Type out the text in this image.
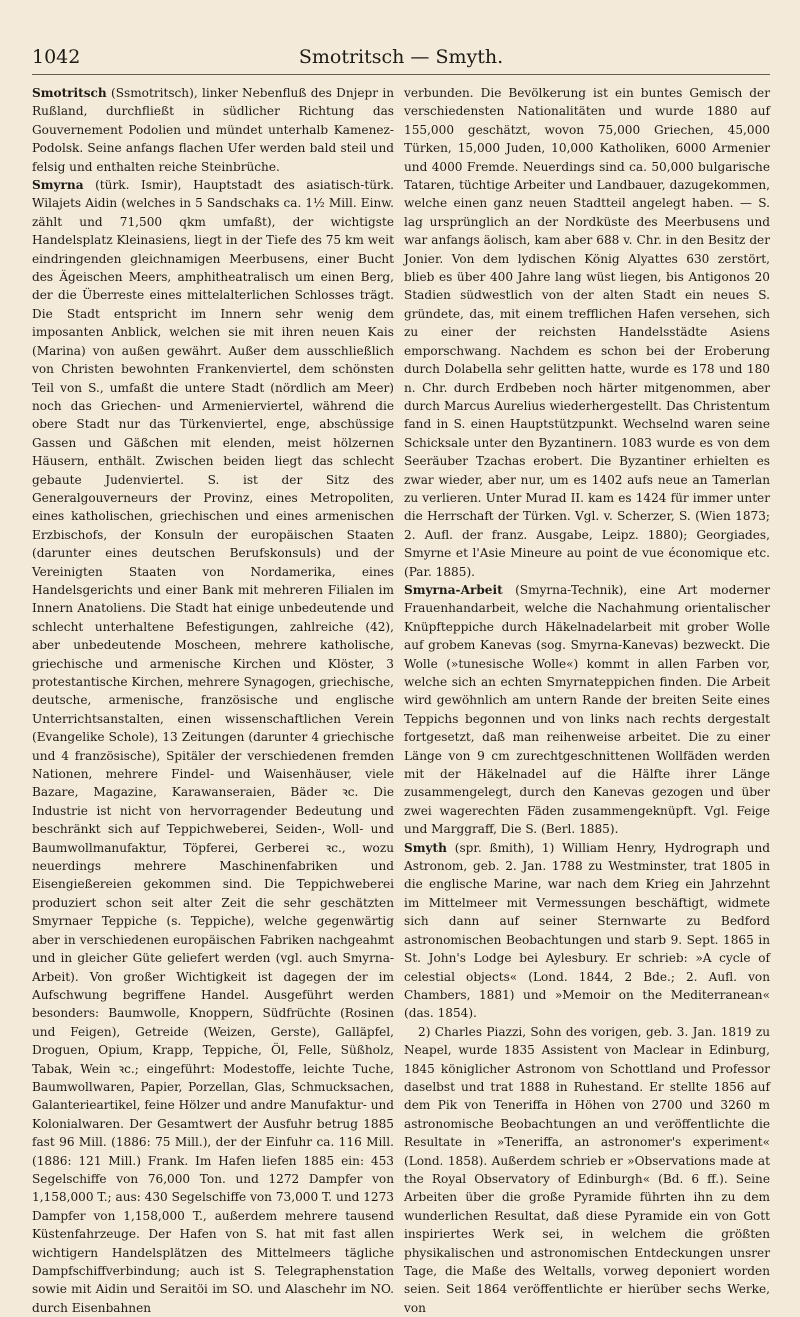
1042	Smotritsch — Smyth.

Smotritsch (Ssmotritsch), linker Nebenfluß des Dnjepr in Rußland, durchfließt in südlicher Richtung das Gouvernement Podolien und mündet unterhalb Kamenez-Podolsk. Seine anfangs flachen Ufer werden bald steil und felsig und enthalten reiche Steinbrüche.

Smyrna (türk. Ismir), Hauptstadt des asiatisch-türk. Wilajets Aidin (welches in 5 Sandschaks ca. 1½ Mill. Einw. zählt und 71,500 qkm umfaßt), der wichtigste Handelsplatz Kleinasiens, liegt in der Tiefe des 75 km weit eindringenden gleichnamigen Meerbusens, einer Bucht des Ägeischen Meers, amphitheatralisch um einen Berg, der die Überreste eines mittelalterlichen Schlosses trägt. Die Stadt entspricht im Innern sehr wenig dem imposanten Anblick, welchen sie mit ihren neuen Kais (Marina) von außen gewährt. Außer dem ausschließlich von Christen bewohnten Frankenviertel, dem schönsten Teil von S., umfaßt die untere Stadt (nördlich am Meer) noch das Griechen- und Armenierviertel, während die obere Stadt nur das Türkenviertel, enge, abschüssige Gassen und Gäßchen mit elenden, meist hölzernen Häusern, enthält. Zwischen beiden liegt das schlecht gebaute Judenviertel. S. ist der Sitz des Generalgouverneurs der Provinz, eines Metropoliten, eines katholischen, griechischen und eines armenischen Erzbischofs, der Konsuln der europäischen Staaten (darunter eines deutschen Berufskonsuls) und der Vereinigten Staaten von Nordamerika, eines Handelsgerichts und einer Bank mit mehreren Filialen im Innern Anatoliens. Die Stadt hat einige unbedeutende und schlecht unterhaltene Befestigungen, zahlreiche (42), aber unbedeutende Moscheen, mehrere katholische, griechische und armenische Kirchen und Klöster, 3 protestantische Kirchen, mehrere Synagogen, griechische, deutsche, armenische, französische und englische Unterrichtsanstalten, einen wissenschaftlichen Verein (Evangelike Schole), 13 Zeitungen (darunter 4 griechische und 4 französische), Spitäler der verschiedenen fremden Nationen, mehrere Findel- und Waisenhäuser, viele Bazare, Magazine, Karawanseraien, Bäder ꝛc. Die Industrie ist nicht von hervorragender Bedeutung und beschränkt sich auf Teppichweberei, Seiden-, Woll- und Baumwollmanufaktur, Töpferei, Gerberei ꝛc., wozu neuerdings mehrere Maschinenfabriken und Eisengießereien gekommen sind. Die Teppichweberei produziert schon seit alter Zeit die sehr geschätzten Smyrnaer Teppiche (s. Teppiche), welche gegenwärtig aber in verschiedenen europäischen Fabriken nachgeahmt und in gleicher Güte geliefert werden (vgl. auch Smyrna-Arbeit). Von großer Wichtigkeit ist dagegen der im Aufschwung begriffene Handel. Ausgeführt werden besonders: Baumwolle, Knoppern, Südfrüchte (Rosinen und Feigen), Getreide (Weizen, Gerste), Galläpfel, Droguen, Opium, Krapp, Teppiche, Öl, Felle, Süßholz, Tabak, Wein ꝛc.; eingeführt: Modestoffe, leichte Tuche, Baumwollwaren, Papier, Porzellan, Glas, Schmucksachen, Galanterieartikel, feine Hölzer und andre Manufaktur- und Kolonialwaren. Der Gesamtwert der Ausfuhr betrug 1885 fast 96 Mill. (1886: 75 Mill.), der der Einfuhr ca. 116 Mill. (1886: 121 Mill.) Frank. Im Hafen liefen 1885 ein: 453 Segelschiffe von 76,000 Ton. und 1272 Dampfer von 1,158,000 T.; aus: 430 Segelschiffe von 73,000 T. und 1273 Dampfer von 1,158,000 T., außerdem mehrere tausend Küstenfahrzeuge. Der Hafen von S. hat mit fast allen wichtigern Handelsplätzen des Mittelmeers tägliche Dampfschiffverbindung; auch ist S. Telegraphenstation sowie mit Aidin und Seraitöi im SO. und Alaschehr im NO. durch Eisenbahnen

verbunden. Die Bevölkerung ist ein buntes Gemisch der verschiedensten Nationalitäten und wurde 1880 auf 155,000 geschätzt, wovon 75,000 Griechen, 45,000 Türken, 15,000 Juden, 10,000 Katholiken, 6000 Armenier und 4000 Fremde. Neuerdings sind ca. 50,000 bulgarische Tataren, tüchtige Arbeiter und Landbauer, dazugekommen, welche einen ganz neuen Stadtteil angelegt haben. — S. lag ursprünglich an der Nordküste des Meerbusens und war anfangs äolisch, kam aber 688 v. Chr. in den Besitz der Jonier. Von dem lydischen König Alyattes 630 zerstört, blieb es über 400 Jahre lang wüst liegen, bis Antigonos 20 Stadien südwestlich von der alten Stadt ein neues S. gründete, das, mit einem trefflichen Hafen versehen, sich zu einer der reichsten Handelsstädte Asiens emporschwang. Nachdem es schon bei der Eroberung durch Dolabella sehr gelitten hatte, wurde es 178 und 180 n. Chr. durch Erdbeben noch härter mitgenommen, aber durch Marcus Aurelius wiederhergestellt. Das Christentum fand in S. einen Hauptstützpunkt. Wechselnd waren seine Schicksale unter den Byzantinern. 1083 wurde es von dem Seeräuber Tzachas erobert. Die Byzantiner erhielten es zwar wieder, aber nur, um es 1402 aufs neue an Tamerlan zu verlieren. Unter Murad II. kam es 1424 für immer unter die Herrschaft der Türken. Vgl. v. Scherzer, S. (Wien 1873; 2. Aufl. der franz. Ausgabe, Leipz. 1880); Georgiades, Smyrne et l'Asie Mineure au point de vue économique etc. (Par. 1885).

Smyrna-Arbeit (Smyrna-Technik), eine Art moderner Frauenhandarbeit, welche die Nachahmung orientalischer Knüpfteppiche durch Häkelnadelarbeit mit grober Wolle auf grobem Kanevas (sog. Smyrna-Kanevas) bezweckt. Die Wolle (»tunesische Wolle«) kommt in allen Farben vor, welche sich an echten Smyrnateppichen finden. Die Arbeit wird gewöhnlich am untern Rande der breiten Seite eines Teppichs begonnen und von links nach rechts dergestalt fortgesetzt, daß man reihenweise arbeitet. Die zu einer Länge von 9 cm zurechtgeschnittenen Wollfäden werden mit der Häkelnadel auf die Hälfte ihrer Länge zusammengelegt, durch den Kanevas gezogen und über zwei wagerechten Fäden zusammengeknüpft. Vgl. Feige und Marggraff, Die S. (Berl. 1885).

Smyth (spr. ßmith), 1) William Henry, Hydrograph und Astronom, geb. 2. Jan. 1788 zu Westminster, trat 1805 in die englische Marine, war nach dem Krieg ein Jahrzehnt im Mittelmeer mit Vermessungen beschäftigt, widmete sich dann auf seiner Sternwarte zu Bedford astronomischen Beobachtungen und starb 9. Sept. 1865 in St. John's Lodge bei Aylesbury. Er schrieb: »A cycle of celestial objects« (Lond. 1844, 2 Bde.; 2. Aufl. von Chambers, 1881) und »Memoir on the Mediterranean« (das. 1854).

2) Charles Piazzi, Sohn des vorigen, geb. 3. Jan. 1819 zu Neapel, wurde 1835 Assistent von Maclear in Edinburg, 1845 königlicher Astronom von Schottland und Professor daselbst und trat 1888 in Ruhestand. Er stellte 1856 auf dem Pik von Teneriffa in Höhen von 2700 und 3260 m astronomische Beobachtungen an und veröffentlichte die Resultate in »Teneriffa, an astronomer's experiment« (Lond. 1858). Außerdem schrieb er »Observations made at the Royal Observatory of Edinburgh« (Bd. 6 ff.). Seine Arbeiten über die große Pyramide führten ihn zu dem wunderlichen Resultat, daß diese Pyramide ein von Gott inspiriertes Werk sei, in welchem die größten physikalischen und astronomischen Entdeckungen unsrer Tage, die Maße des Weltalls, vorweg deponiert worden seien. Seit 1864 veröffentlichte er hierüber sechs Werke, von
